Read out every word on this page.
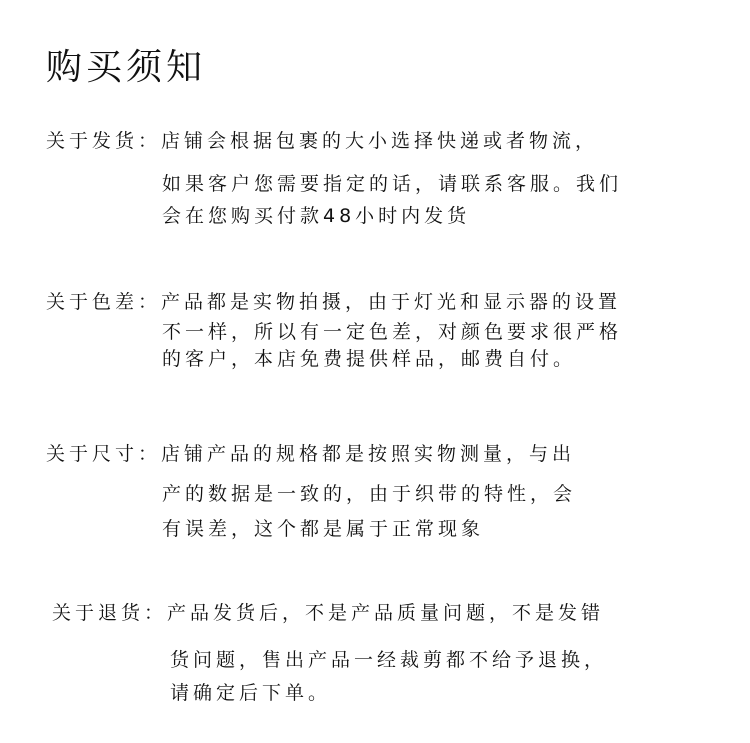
购买须知
关于发货：店铺会根据包裹的大小选择快递或者物流，
如果客户您需要指定的话，请联系客服。我们
会在您购买付款48小时内发货
关于色差：产品都是实物拍摄，由于灯光和显示器的设置
不一样，所以有一定色差，对颜色要求很严格
的客户，本店免费提供样品，邮费自付。
关于尺寸：店铺产品的规格都是按照实物测量，与出
产的数据是一致的，由于织带的特性，会
有误差，这个都是属于正常现象
关于退货：产品发货后，不是产品质量问题，不是发错
货问题，售出产品一经裁剪都不给予退换，
请确定后下单。
